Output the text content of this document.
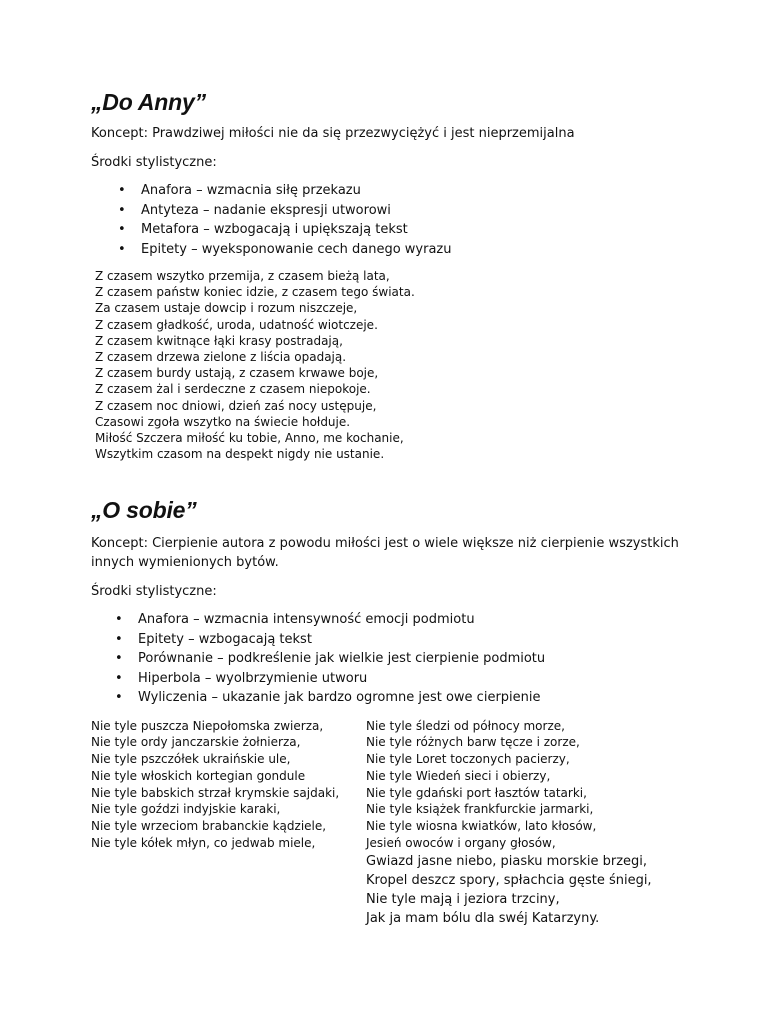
„Do Anny”

Koncept: Prawdziwej miłości nie da się przezwyciężyć i jest nieprzemijalna

Środki stylistyczne:

• Anafora – wzmacnia siłę przekazu
• Antyteza – nadanie ekspresji utworowi
• Metafora – wzbogacają i upiększają tekst
• Epitety – wyeksponowanie cech danego wyrazu
Z czasem wszytko przemija, z czasem bieżą lata,
Z czasem państw koniec idzie, z czasem tego świata.
Za czasem ustaje dowcip i rozum niszczeje,
Z czasem gładkość, uroda, udatność wiotczeje.
Z czasem kwitnące łąki krasy postradają,
Z czasem drzewa zielone z liścia opadają.
Z czasem burdy ustają, z czasem krwawe boje,
Z czasem żal i serdeczne z czasem niepokoje.
Z czasem noc dniowi, dzień zaś nocy ustępuje,
Czasowi zgoła wszytko na świecie hołduje.
Miłość Szczera miłość ku tobie, Anno, me kochanie,
Wszytkim czasom na despekt nigdy nie ustanie.
„O sobie”

Koncept: Cierpienie autora z powodu miłości jest o wiele większe niż cierpienie wszystkich innych wymienionych bytów.

Środki stylistyczne:

• Anafora – wzmacnia intensywność emocji podmiotu
• Epitety – wzbogacają tekst
• Porównanie – podkreślenie jak wielkie jest cierpienie podmiotu
• Hiperbola – wyolbrzymienie utworu
• Wyliczenia – ukazanie jak bardzo ogromne jest owe cierpienie
Nie tyle puszcza Niepołomska zwierza,
Nie tyle ordy janczarskie żołnierza,
Nie tyle pszczółek ukraińskie ule,
Nie tyle włoskich kortegian gondule
Nie tyle babskich strzał krymskie sajdaki,
Nie tyle goździ indyjskie karaki,
Nie tyle wrzeciom brabanckie kądziele,
Nie tyle kółek młyn, co jedwab miele,
Nie tyle śledzi od północy morze,
Nie tyle różnych barw tęcze i zorze,
Nie tyle Loret toczonych pacierzy,
Nie tyle Wiedeń sieci i obierzy,
Nie tyle gdański port łasztów tatarki,
Nie tyle książek frankfurckie jarmarki,
Nie tyle wiosna kwiatków, lato kłosów,
Jesień owoców i organy głosów,
Gwiazd jasne niebo, piasku morskie brzegi,
Kropel deszcz spory, spłachcia gęste śniegi,
Nie tyle mają i jeziora trzciny,
Jak ja mam bólu dla swéj Katarzyny.
